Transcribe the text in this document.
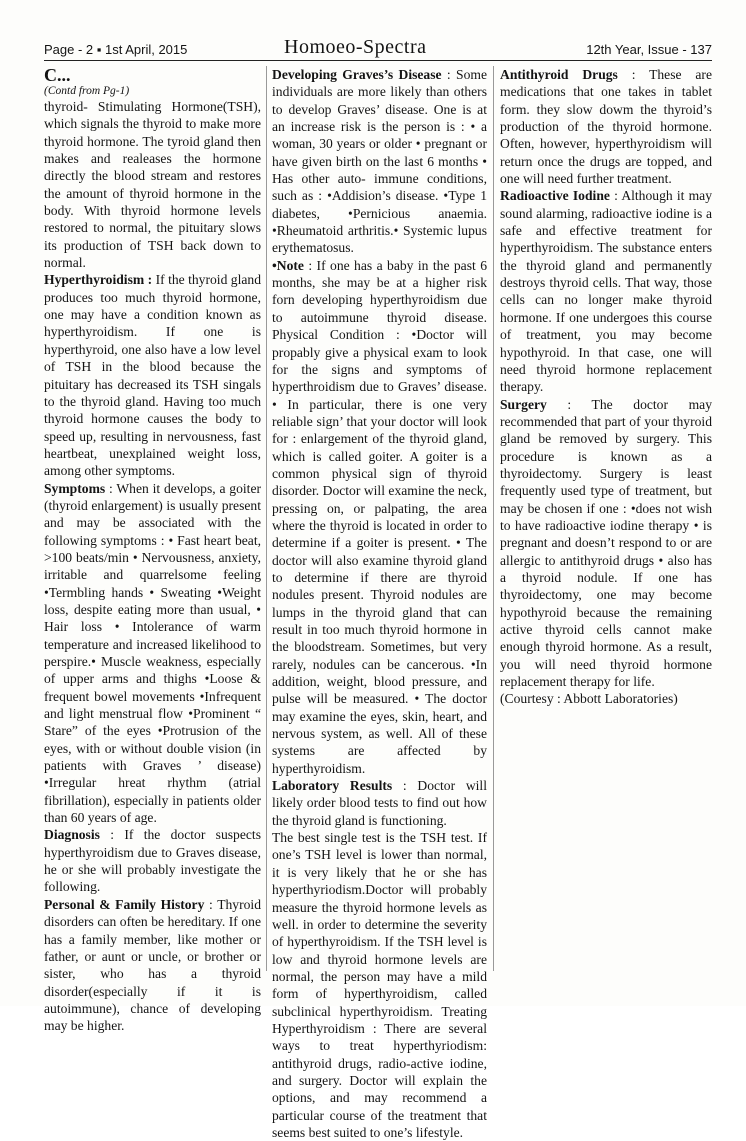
Page - 2 ▪ 1st April, 2015	Homoeo-Spectra	12th Year, Issue - 137

C...

(Contd from Pg-1)

thyroid- Stimulating Hormone(TSH), which signals the thyroid to make more thyroid hormone. The tyroid gland then makes and realeases the hormone directly the blood stream and restores the amount of thyroid hormone in the body. With thyroid hormone levels restored to normal, the pituitary slows its production of TSH back down to normal.

Hyperthyroidism : If the thyroid gland produces too much thyroid hormone, one may have a condition known as hyperthyroidism. If one is hyperthyroid, one also have a low level of TSH in the blood because the pituitary has decreased its TSH singals to the thyroid gland. Having too much thyroid hormone causes the body to speed up, resulting in nervousness, fast heartbeat, unexplained weight loss, among other symptoms.

Symptoms : When it develops, a goiter (thyroid enlargement) is usually present and may be associated with the following symptoms : • Fast heart beat, >100 beats/min • Nervousness, anxiety, irritable and quarrelsome feeling •Termbling hands • Sweating •Weight loss, despite eating more than usual, • Hair loss • Intolerance of warm temperature and increased likelihood to perspire.• Muscle weakness, especially of upper arms and thighs •Loose & frequent bowel movements •Infrequent and light menstrual flow •Prominent “ Stare” of the eyes •Protrusion of the eyes, with or without double vision (in patients with Graves ’ disease) •Irregular hreat rhythm (atrial fibrillation), especially in patients older than 60 years of age.

Diagnosis : If the doctor suspects hyperthyroidism due to Graves disease, he or she will probably investigate the following.

Personal & Family History : Thyroid disorders can often be hereditary. If one has a family member, like mother or father, or aunt or uncle, or brother or sister, who has a thyroid disorder(especially if it is autoimmune), chance of developing may be higher.

Developing Graves’s Disease : Some individuals are more likely than others to develop Graves’ disease. One is at an increase risk is the person is : • a woman, 30 years or older • pregnant or have given birth on the last 6 months • Has other auto- immune conditions, such as : •Addision’s disease. •Type 1 diabetes, •Pernicious anaemia. •Rheumatoid arthritis.• Systemic lupus erythematosus.

•Note : If one has a baby in the past 6 months, she may be at a higher risk forn developing hyperthyroidism due to autoimmune thyroid disease. Physical Condition : •Doctor will propably give a physical exam to look for the signs and symptoms of hyperthroidism due to Graves’ disease. • In particular, there is one very reliable sign’ that your doctor will look for : enlargement of the thyroid gland, which is called goiter. A goiter is a common physical sign of thyroid disorder. Doctor will examine the neck, pressing on, or palpating, the area where the thyroid is located in order to determine if a goiter is present. • The doctor will also examine thyroid gland to determine if there are thyroid nodules present. Thyroid nodules are lumps in the thyroid gland that can result in too much thyroid hormone in the bloodstream. Sometimes, but very rarely, nodules can be cancerous. •In addition, weight, blood pressure, and pulse will be measured. • The doctor may examine the eyes, skin, heart, and nervous system, as well. All of these systems are affected by hyperthyroidism.

Laboratory Results : Doctor will likely order blood tests to find out how the thyroid gland is functioning.

The best single test is the TSH test. If one’s TSH level is lower than normal, it is very likely that he or she has hyperthyriodism.Doctor will probably measure the thyroid hormone levels as well. in order to determine the severity of hyperthyroidism. If the TSH level is low and thyroid hormone levels are normal, the person may have a mild form of hyperthyroidism, called subclinical hyperthyroidism. Treating Hyperthyroidism : There are several ways to treat hyperthyriodism: antithyroid drugs, radio-active iodine, and surgery. Doctor will explain the options, and may recommend a particular course of the treatment that seems best suited to one’s lifestyle.

Antithyroid Drugs : These are medications that one takes in tablet form. they slow dowm the thyroid’s production of the thyroid hormone. Often, however, hyperthyroidism will return once the drugs are topped, and one will need further treatment.

Radioactive Iodine : Although it may sound alarming, radioactive iodine is a safe and effective treatment for hyperthyroidism. The substance enters the thyroid gland and permanently destroys thyroid cells. That way, those cells can no longer make thyroid hormone. If one undergoes this course of treatment, you may become hypothyroid. In that case, one will need thyroid hormone replacement therapy.

Surgery : The doctor may recommended that part of your thyroid gland be removed by surgery. This procedure is known as a thyroidectomy. Surgery is least frequently used type of treatment, but may be chosen if one : •does not wish to have radioactive iodine therapy • is pregnant and doesn’t respond to or are allergic to antithyroid drugs • also has a thyroid nodule. If one has thyroidectomy, one may become hypothyroid because the remaining active thyroid cells cannot make enough thyroid hormone. As a result, you will need thyroid hormone replacement therapy for life.

(Courtesy : Abbott Laboratories)
